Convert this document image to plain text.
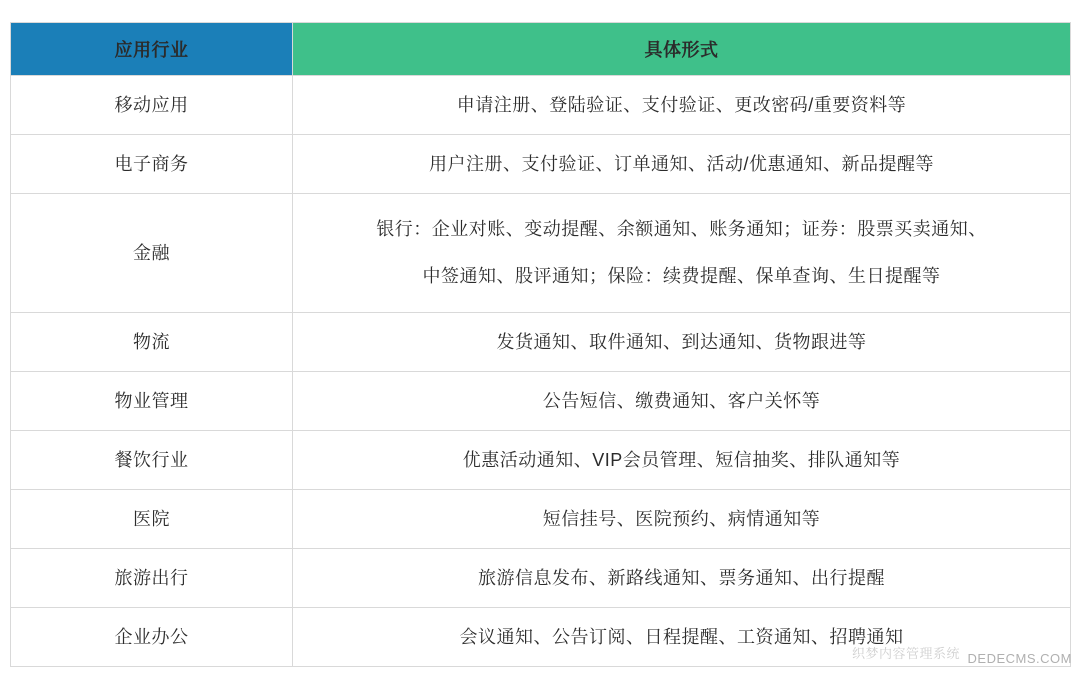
应用行业	具体形式
移动应用	申请注册、登陆验证、支付验证、更改密码/重要资料等
电子商务	用户注册、支付验证、订单通知、活动/优惠通知、新品提醒等
金融	银行：企业对账、变动提醒、余额通知、账务通知；证券：股票买卖通知、
中签通知、股评通知；保险：续费提醒、保单查询、生日提醒等

物流	发货通知、取件通知、到达通知、货物跟进等
物业管理	公告短信、缴费通知、客户关怀等
餐饮行业	优惠活动通知、VIP会员管理、短信抽奖、排队通知等
医院	短信挂号、医院预约、病情通知等
旅游出行	旅游信息发布、新路线通知、票务通知、出行提醒
企业办公	会议通知、公告订阅、日程提醒、工资通知、招聘通知
织梦内容管理系统 DEDECMS.COM
